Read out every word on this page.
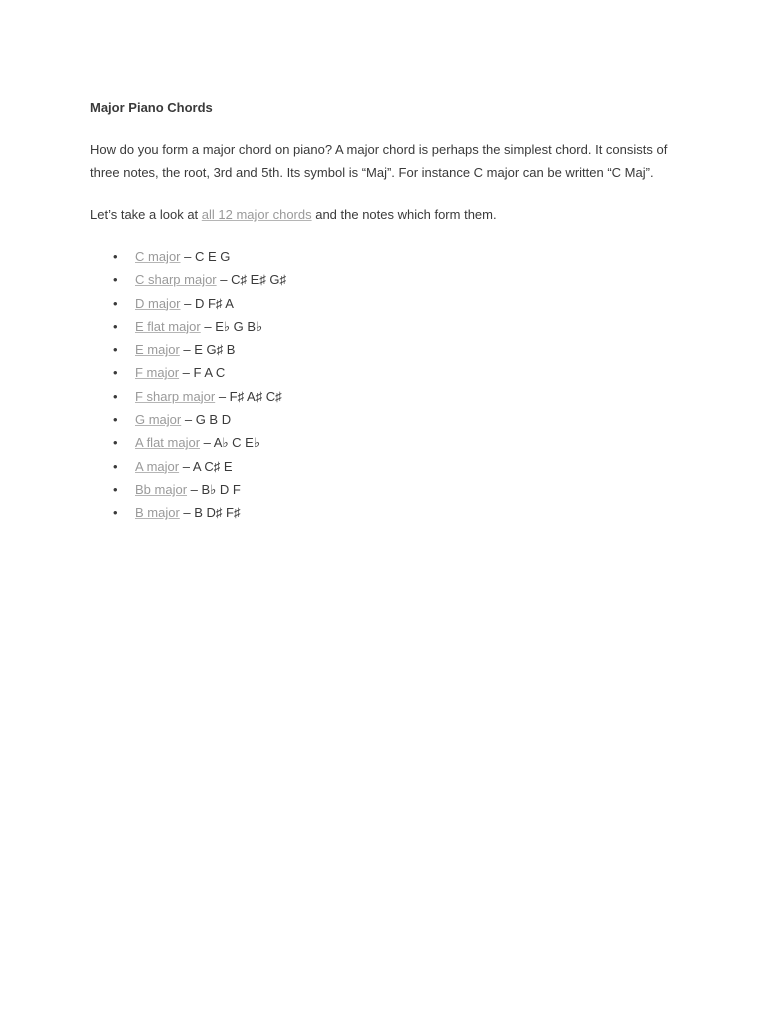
Major Piano Chords

How do you form a major chord on piano? A major chord is perhaps the simplest chord. It consists of three notes, the root, 3rd and 5th. Its symbol is “Maj”. For instance C major can be written “C Maj”.

Let’s take a look at all 12 major chords and the notes which form them.

• C major – C E G
• C sharp major – C♯ E♯ G♯
• D major – D F♯ A
• E flat major – E♭ G B♭
• E major – E G♯ B
• F major – F A C
• F sharp major – F♯ A♯ C♯
• G major – G B D
• A flat major – A♭ C E♭
• A major – A C♯ E
• Bb major – B♭ D F
• B major – B D♯ F♯
